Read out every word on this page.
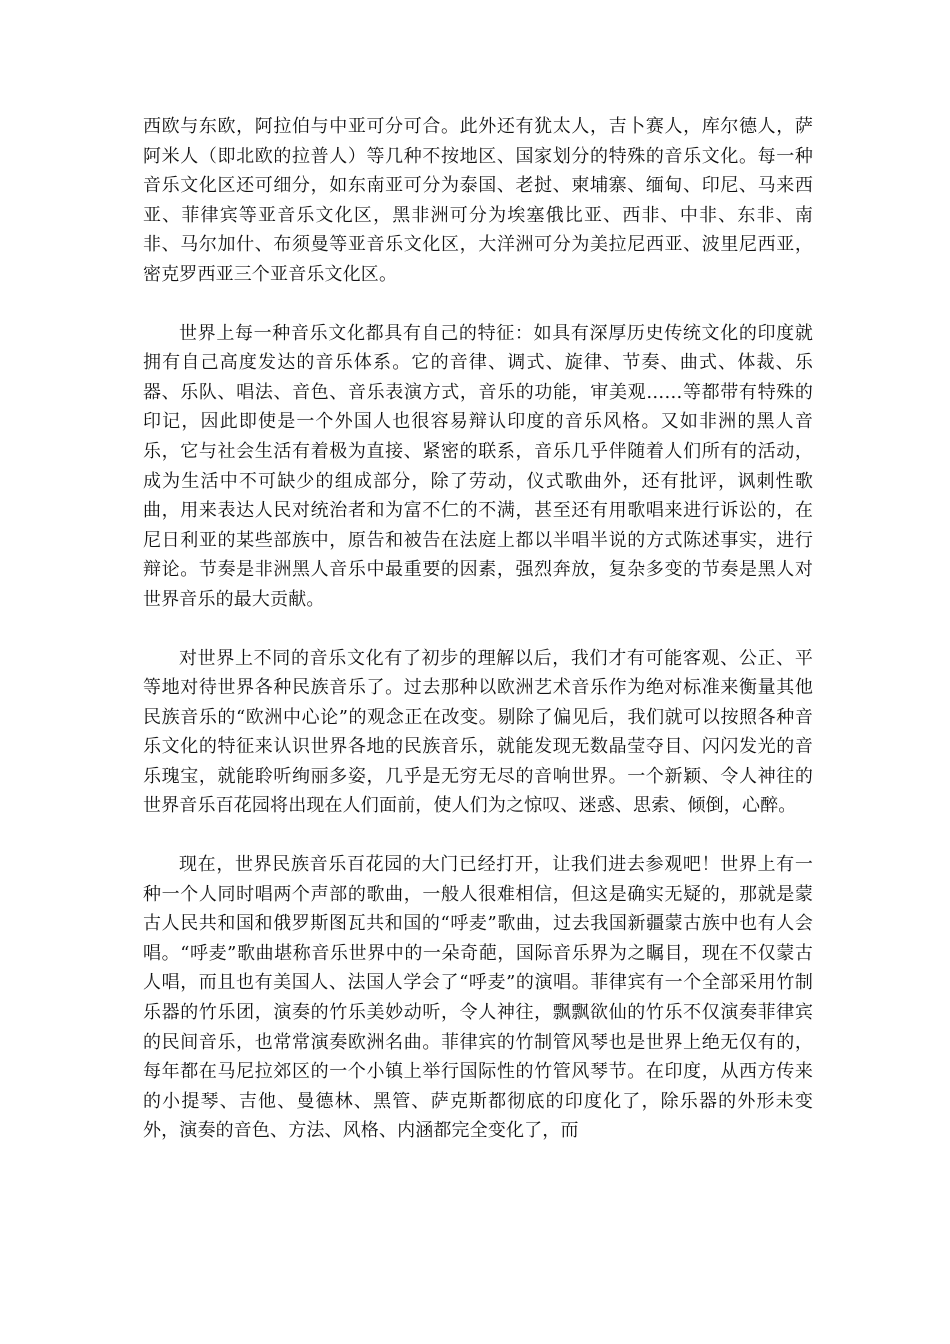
西欧与东欧，阿拉伯与中亚可分可合。此外还有犹太人，吉卜赛人，库尔德人，萨阿米人（即北欧的拉普人）等几种不按地区、国家划分的特殊的音乐文化。每一种音乐文化区还可细分，如东南亚可分为泰国、老挝、柬埔寨、缅甸、印尼、马来西亚、菲律宾等亚音乐文化区，黑非洲可分为埃塞俄比亚、西非、中非、东非、南非、马尔加什、布须曼等亚音乐文化区，大洋洲可分为美拉尼西亚、波里尼西亚，密克罗西亚三个亚音乐文化区。

世界上每一种音乐文化都具有自己的特征：如具有深厚历史传统文化的印度就拥有自己高度发达的音乐体系。它的音律、调式、旋律、节奏、曲式、体裁、乐器、乐队、唱法、音色、音乐表演方式，音乐的功能，审美观……等都带有特殊的印记，因此即使是一个外国人也很容易辩认印度的音乐风格。又如非洲的黑人音乐，它与社会生活有着极为直接、紧密的联系，音乐几乎伴随着人们所有的活动，成为生活中不可缺少的组成部分，除了劳动，仪式歌曲外，还有批评，讽刺性歌曲，用来表达人民对统治者和为富不仁的不满，甚至还有用歌唱来进行诉讼的，在尼日利亚的某些部族中，原告和被告在法庭上都以半唱半说的方式陈述事实，进行辩论。节奏是非洲黑人音乐中最重要的因素，强烈奔放，复杂多变的节奏是黑人对世界音乐的最大贡献。

对世界上不同的音乐文化有了初步的理解以后，我们才有可能客观、公正、平等地对待世界各种民族音乐了。过去那种以欧洲艺术音乐作为绝对标准来衡量其他民族音乐的“欧洲中心论”的观念正在改变。剔除了偏见后，我们就可以按照各种音乐文化的特征来认识世界各地的民族音乐，就能发现无数晶莹夺目、闪闪发光的音乐瑰宝，就能聆听绚丽多姿，几乎是无穷无尽的音响世界。一个新颖、令人神往的世界音乐百花园将出现在人们面前，使人们为之惊叹、迷惑、思索、倾倒，心醉。

现在，世界民族音乐百花园的大门已经打开，让我们进去参观吧！世界上有一种一个人同时唱两个声部的歌曲，一般人很难相信，但这是确实无疑的，那就是蒙古人民共和国和俄罗斯图瓦共和国的“呼麦”歌曲，过去我国新疆蒙古族中也有人会唱。“呼麦”歌曲堪称音乐世界中的一朵奇葩，国际音乐界为之瞩目，现在不仅蒙古人唱，而且也有美国人、法国人学会了“呼麦”的演唱。菲律宾有一个全部采用竹制乐器的竹乐团，演奏的竹乐美妙动听，令人神往，飘飘欲仙的竹乐不仅演奏菲律宾的民间音乐，也常常演奏欧洲名曲。菲律宾的竹制管风琴也是世界上绝无仅有的，每年都在马尼拉郊区的一个小镇上举行国际性的竹管风琴节。在印度，从西方传来的小提琴、吉他、曼德林、黑管、萨克斯都彻底的印度化了，除乐器的外形未变外，演奏的音色、方法、风格、内涵都完全变化了，而
